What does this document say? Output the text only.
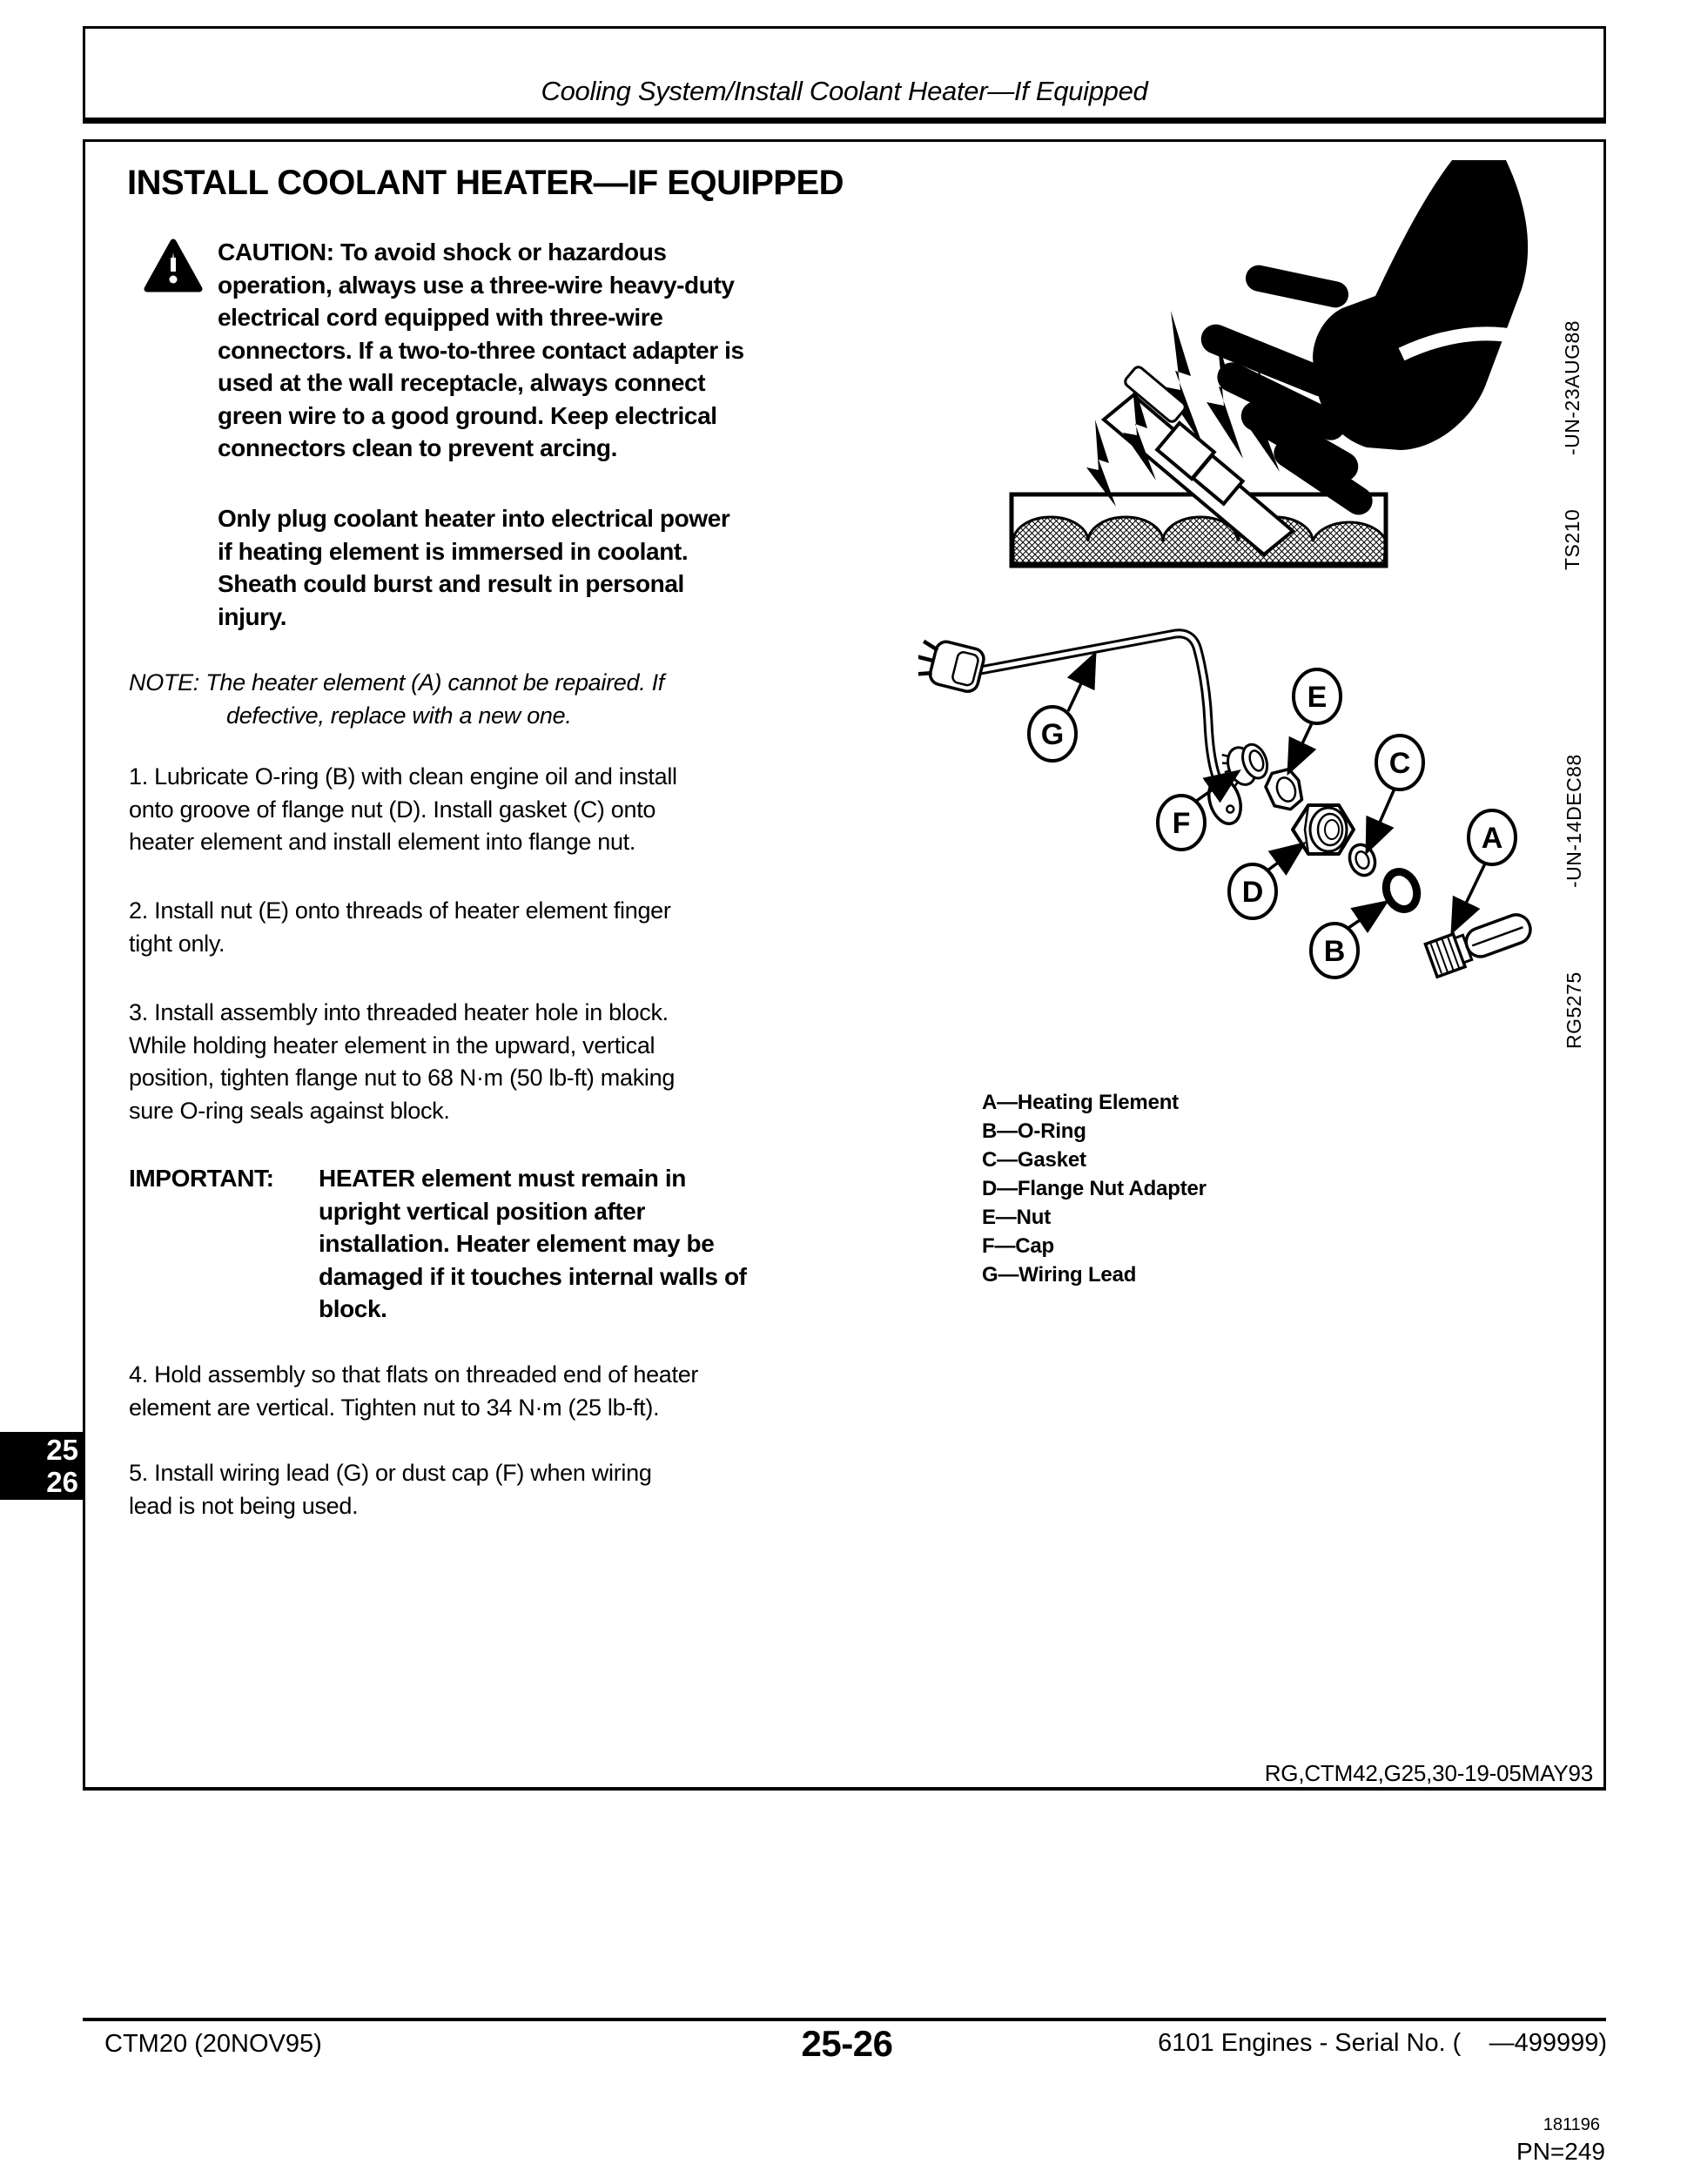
Cooling System/Install Coolant Heater—If Equipped
INSTALL COOLANT HEATER—IF EQUIPPED
CAUTION: To avoid shock or hazardous
operation, always use a three-wire heavy-duty
electrical cord equipped with three-wire
connectors. If a two-to-three contact adapter is
used at the wall receptacle, always connect
green wire to a good ground. Keep electrical
connectors clean to prevent arcing.
Only plug coolant heater into electrical power
if heating element is immersed in coolant.
Sheath could burst and result in personal
injury.
NOTE: The heater element (A) cannot be repaired. If
defective, replace with a new one.
1. Lubricate O-ring (B) with clean engine oil and install
onto groove of flange nut (D). Install gasket (C) onto
heater element and install element into flange nut.
2. Install nut (E) onto threads of heater element finger
tight only.
3. Install assembly into threaded heater hole in block.
While holding heater element in the upward, vertical
position, tighten flange nut to 68 N·m (50 lb-ft) making
sure O-ring seals against block.
IMPORTANT: HEATER element must remain in
upright vertical position after
installation. Heater element may be
damaged if it touches internal walls of
block.
4. Hold assembly so that flats on threaded end of heater
element are vertical. Tighten nut to 34 N·m (25 lb-ft).
5. Install wiring lead (G) or dust cap (F) when wiring
lead is not being used.
-UN-23AUG88
TS210
A
B
C
D
E
F
G
-UN-14DEC88
RG5275
A—Heating Element
B—O-Ring
C—Gasket
D—Flange Nut Adapter
E—Nut
F—Cap
G—Wiring Lead
RG,CTM42,G25,30-19-05MAY93
25
26
CTM20 (20NOV95)	25-26	6101 Engines - Serial No. (    —499999)
181196
PN=249
